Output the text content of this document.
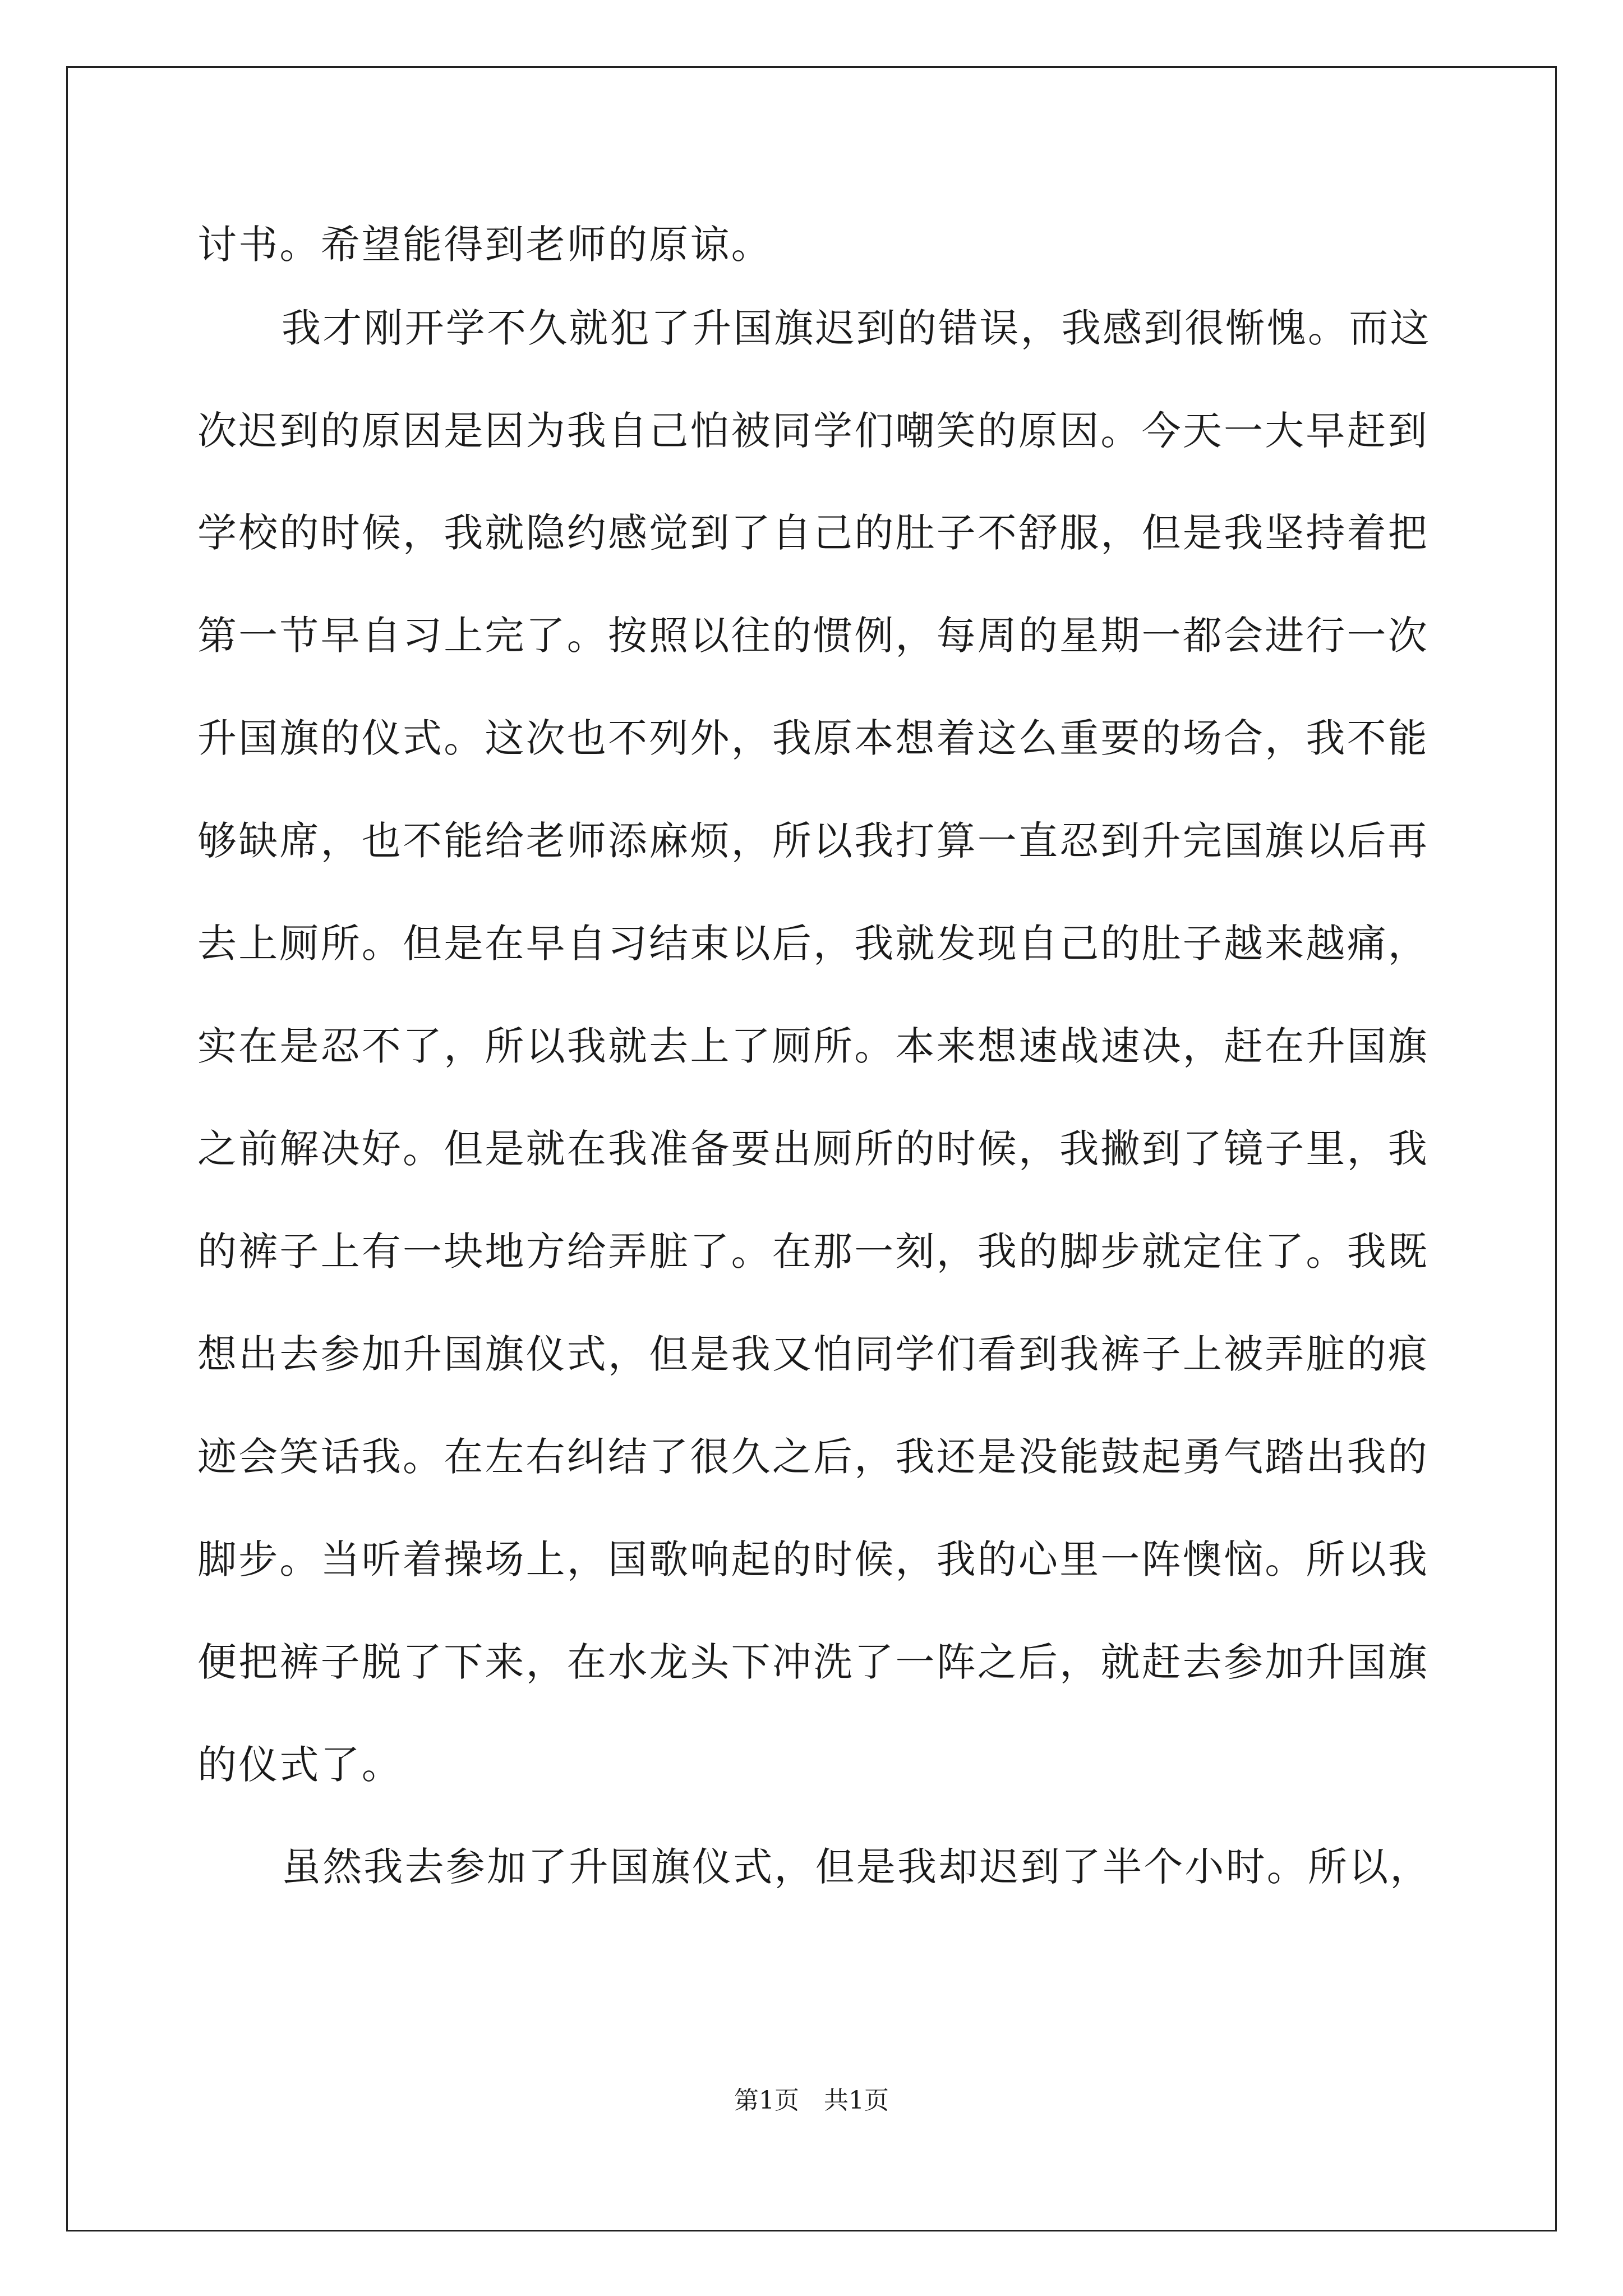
讨书。希望能得到老师的原谅。
我才刚开学不久就犯了升国旗迟到的错误，我感到很惭愧。而这
次迟到的原因是因为我自己怕被同学们嘲笑的原因。今天一大早赶到
学校的时候，我就隐约感觉到了自己的肚子不舒服，但是我坚持着把
第一节早自习上完了。按照以往的惯例，每周的星期一都会进行一次
升国旗的仪式。这次也不列外，我原本想着这么重要的场合，我不能
够缺席，也不能给老师添麻烦，所以我打算一直忍到升完国旗以后再
去上厕所。但是在早自习结束以后，我就发现自己的肚子越来越痛，
实在是忍不了，所以我就去上了厕所。本来想速战速决，赶在升国旗
之前解决好。但是就在我准备要出厕所的时候，我撇到了镜子里，我
的裤子上有一块地方给弄脏了。在那一刻，我的脚步就定住了。我既
想出去参加升国旗仪式，但是我又怕同学们看到我裤子上被弄脏的痕
迹会笑话我。在左右纠结了很久之后，我还是没能鼓起勇气踏出我的
脚步。当听着操场上，国歌响起的时候，我的心里一阵懊恼。所以我
便把裤子脱了下来，在水龙头下冲洗了一阵之后，就赶去参加升国旗
的仪式了。
虽然我去参加了升国旗仪式，但是我却迟到了半个小时。所以，
第1页　共1页
